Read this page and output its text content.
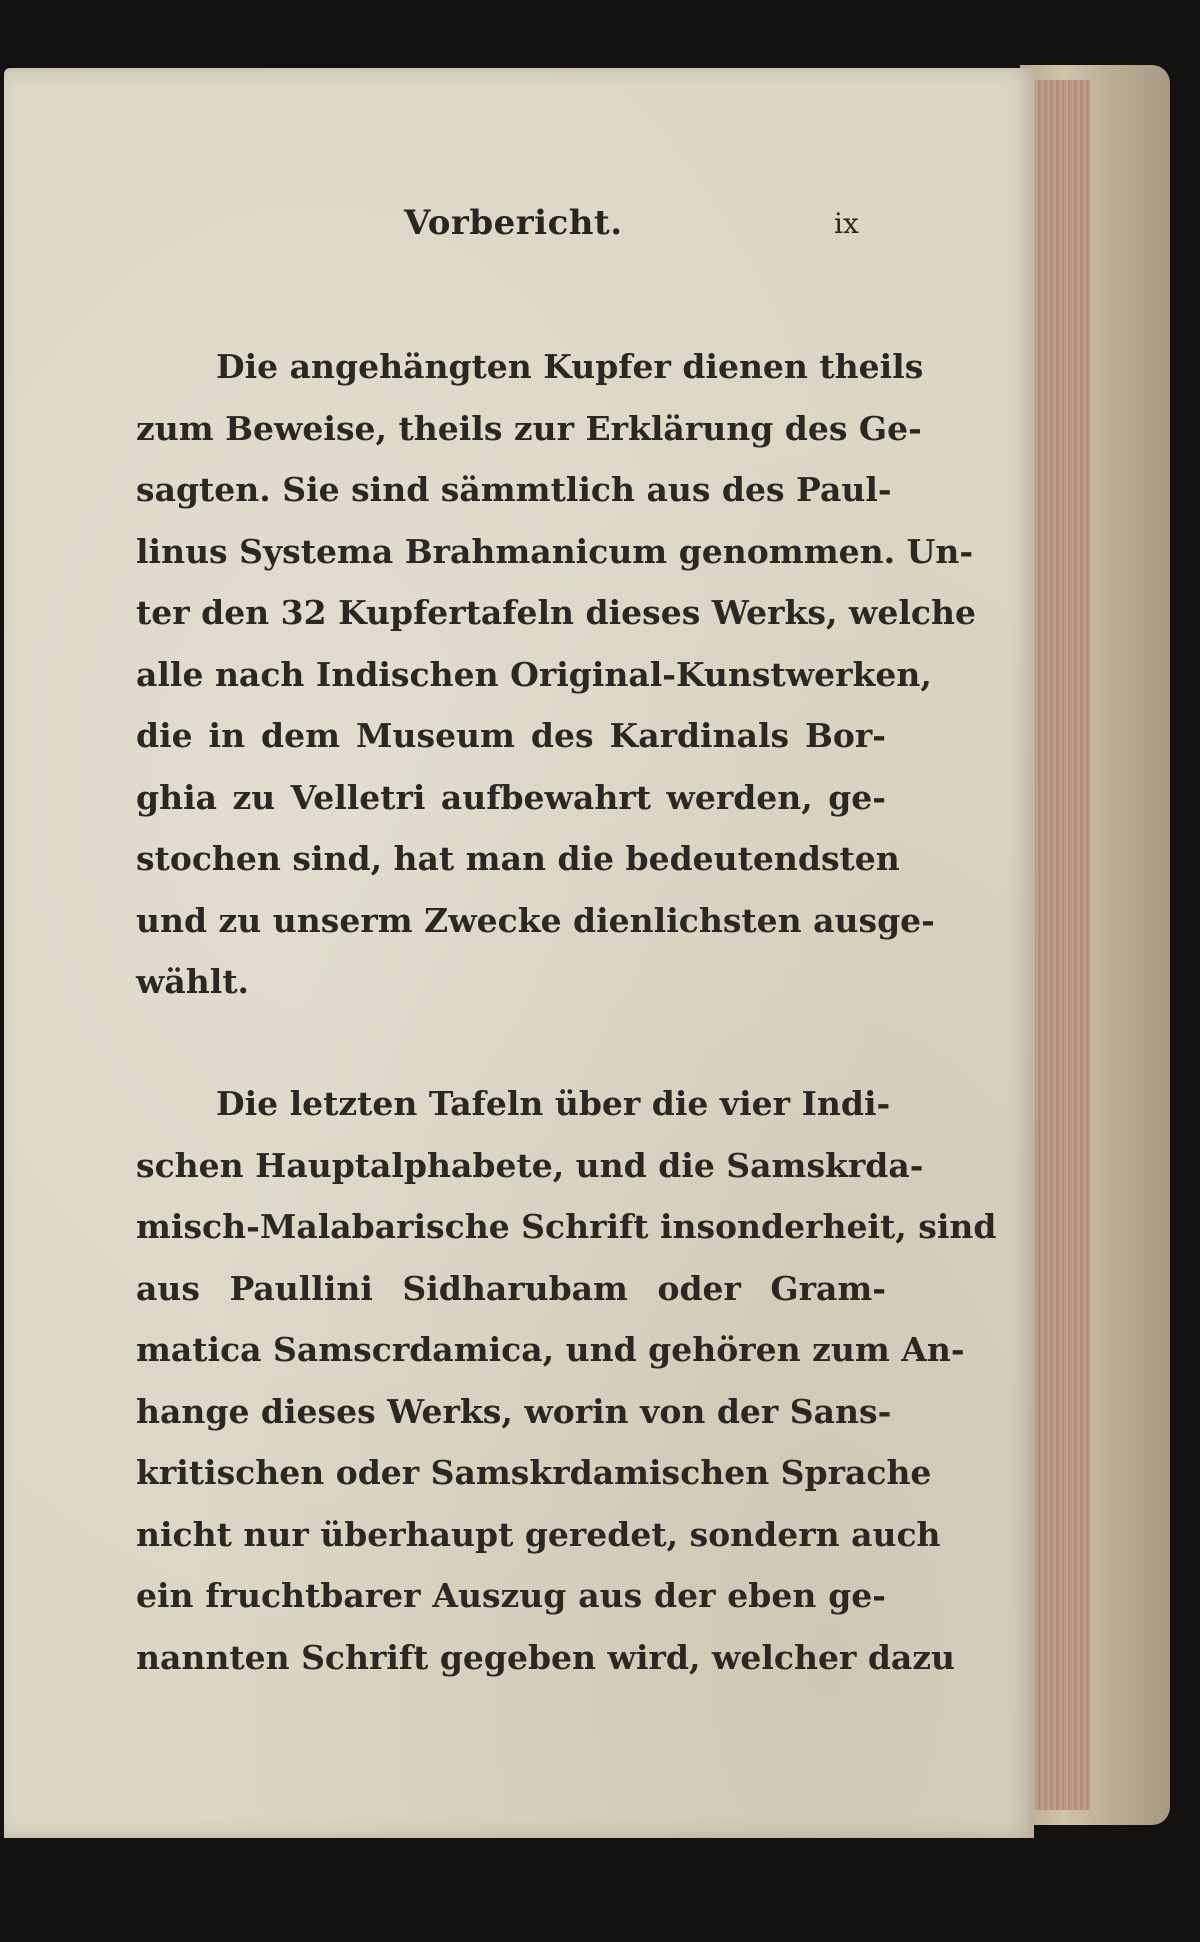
Vorbericht.	ix
Die angehängten Kupfer dienen theils
zum Beweise, theils zur Erklärung des Ge-
sagten. Sie sind sämmtlich aus des Paul-
linus Systema Brahmanicum genommen. Un-
ter den 32 Kupfertafeln dieses Werks, welche
alle nach Indischen Original-Kunstwerken,
die in dem Museum des Kardinals Bor-
ghia zu Velletri aufbewahrt werden, ge-
stochen sind, hat man die bedeutendsten
und zu unserm Zwecke dienlichsten ausge-
wählt.
Die letzten Tafeln über die vier Indi-
schen Hauptalphabete, und die Samskrda-
misch-Malabarische Schrift insonderheit, sind
aus Paullini Sidharubam oder Gram-
matica Samscrdamica, und gehören zum An-
hange dieses Werks, worin von der Sans-
kritischen oder Samskrdamischen Sprache
nicht nur überhaupt geredet, sondern auch
ein fruchtbarer Auszug aus der eben ge-
nannten Schrift gegeben wird, welcher dazu
